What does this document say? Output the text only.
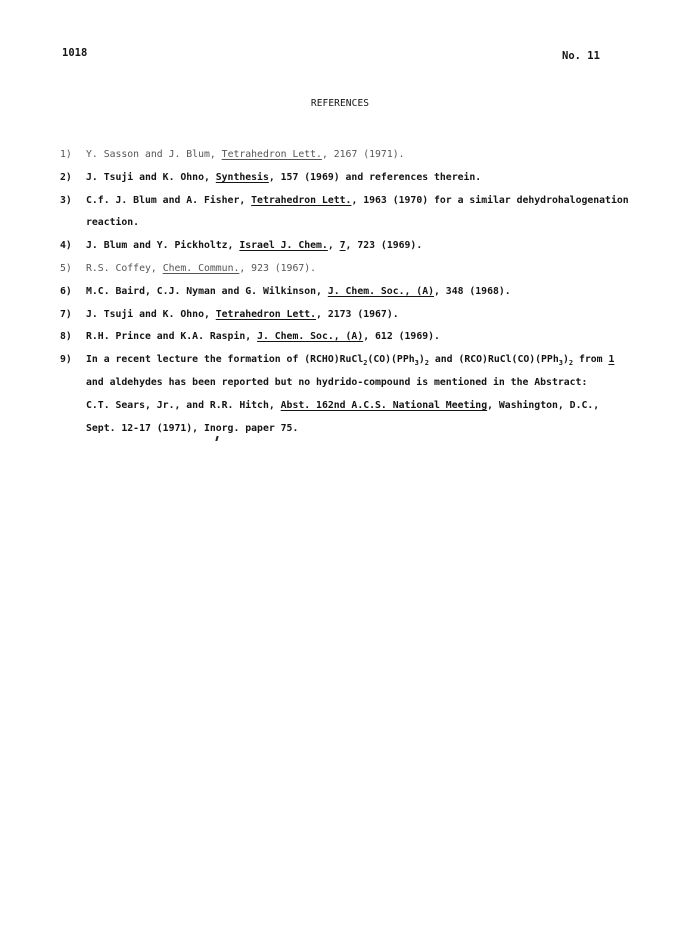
1018	No. 11
REFERENCES
1) Y. Sasson and J. Blum, Tetrahedron Lett., 2167 (1971).
2) J. Tsuji and K. Ohno, Synthesis, 157 (1969) and references therein.
3) C.f. J. Blum and A. Fisher, Tetrahedron Lett., 1963 (1970) for a similar dehydrohalogenation
reaction.
4) J. Blum and Y. Pickholtz, Israel J. Chem., 7, 723 (1969).
5) R.S. Coffey, Chem. Commun., 923 (1967).
6) M.C. Baird, C.J. Nyman and G. Wilkinson, J. Chem. Soc., (A), 348 (1968).
7) J. Tsuji and K. Ohno, Tetrahedron Lett., 2173 (1967).
8) R.H. Prince and K.A. Raspin, J. Chem. Soc., (A), 612 (1969).
9) In a recent lecture the formation of $(RCHO)RuCl_2(CO)(PPh_3)_2$ and $(RCO)RuCl(CO)(PPh_3)_2$ from 1
and aldehydes has been reported but no hydrido-compound is mentioned in the Abstract:
C.T. Sears, Jr., and R.R. Hitch, Abst. 162nd A.C.S. National Meeting, Washington, D.C.,
Sept. 12-17 (1971), Inorg. paper 75.
